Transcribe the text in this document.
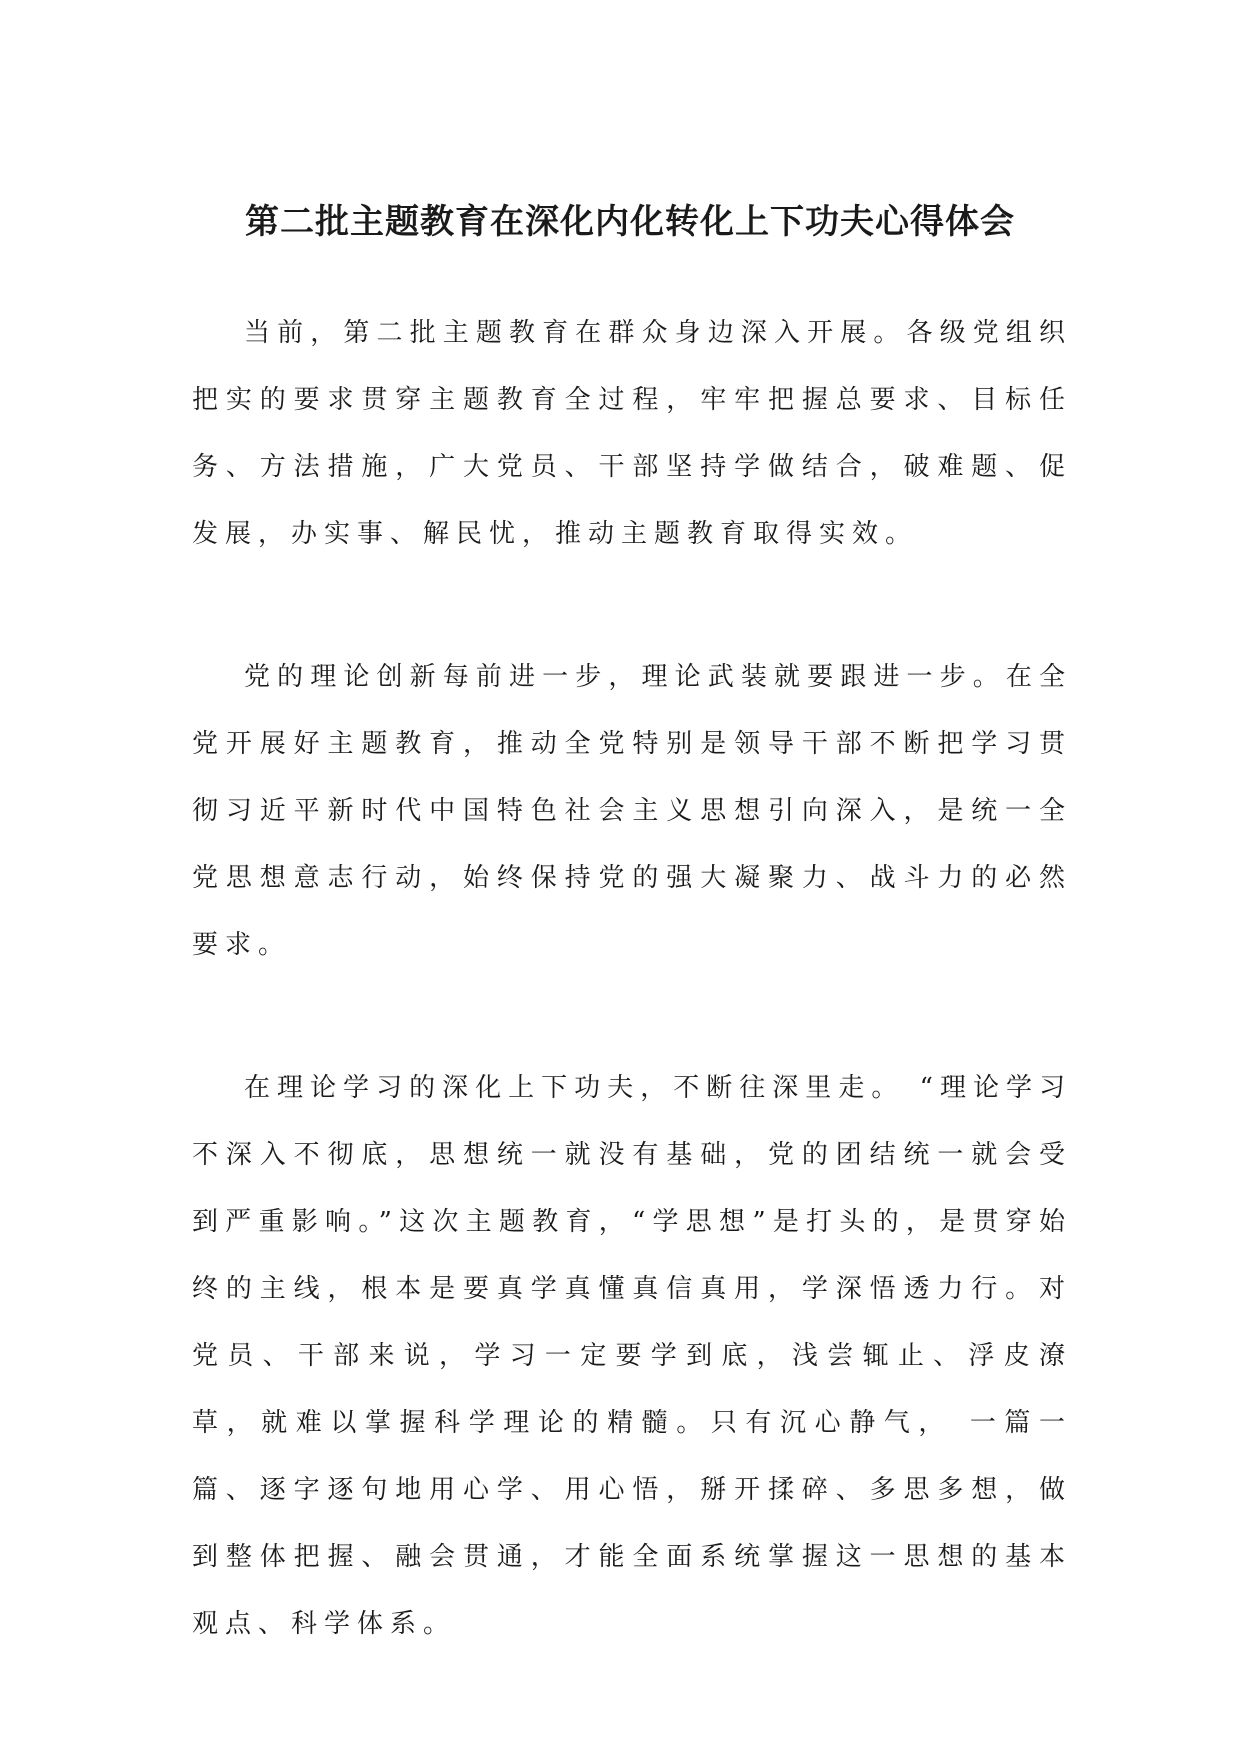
第二批主题教育在深化内化转化上下功夫心得体会

当前，第二批主题教育在群众身边深入开展。各级党组织把实的要求贯穿主题教育全过程，牢牢把握总要求、目标任务、方法措施，广大党员、干部坚持学做结合，破难题、促发展，办实事、解民忧，推动主题教育取得实效。

党的理论创新每前进一步，理论武装就要跟进一步。在全党开展好主题教育，推动全党特别是领导干部不断把学习贯彻习近平新时代中国特色社会主义思想引向深入，是统一全党思想意志行动，始终保持党的强大凝聚力、战斗力的必然要求。

在理论学习的深化上下功夫，不断往深里走。 “理论学习不深入不彻底，思想统一就没有基础，党的团结统一就会受到严重影响。”这次主题教育，“学思想”是打头的，是贯穿始终的主线，根本是要真学真懂真信真用，学深悟透力行。对党员、干部来说，学习一定要学到底，浅尝辄止、浮皮潦草，就难以掌握科学理论的精髓。只有沉心静气， 一篇一篇、逐字逐句地用心学、用心悟，掰开揉碎、多思多想，做到整体把握、融会贯通，才能全面系统掌握这一思想的基本观点、科学体系。
